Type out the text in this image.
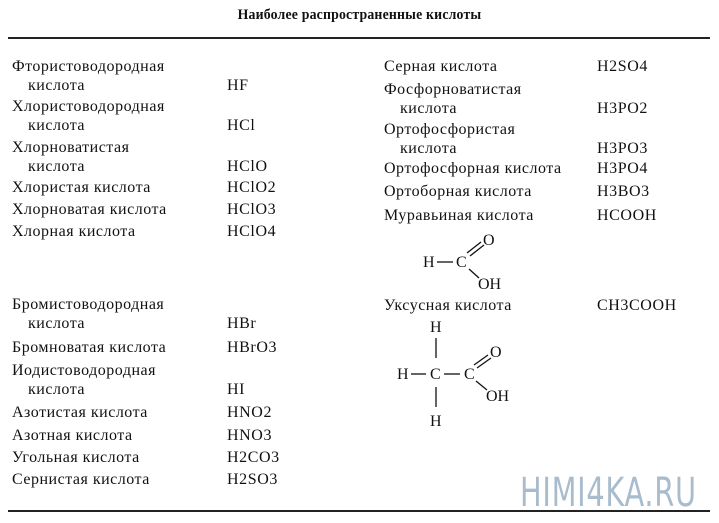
Наиболее распространенные кислоты
Фтористоводородная
кислота	HF
Хлористоводородная
кислота	HCl
Хлорноватистая
кислота	HClO
Хлористая кислота	HClO2
Хлорноватая кислота	HClO3
Хлорная кислота	HClO4
Бромистоводородная
кислота	HBr
Бромноватая кислота	HBrO3
Иодистоводородная
кислота	HI
Азотистая кислота	HNO2
Азотная кислота	HNO3
Угольная кислота	H2CO3
Сернистая кислота	H2SO3
Серная кислота	H2SO4
Фосфорноватистая
кислота	H3PO2
Ортофосфористая
кислота	H3PO3
Ортофосфорная кислота H3PO4
Ортоборная кислота	H3BO3
Муравьиная кислота	HCOOH
Уксусная кислота	CH3COOH
H C
O
OH
H
H C C
O
OH
H
HIMI4KA.RU
